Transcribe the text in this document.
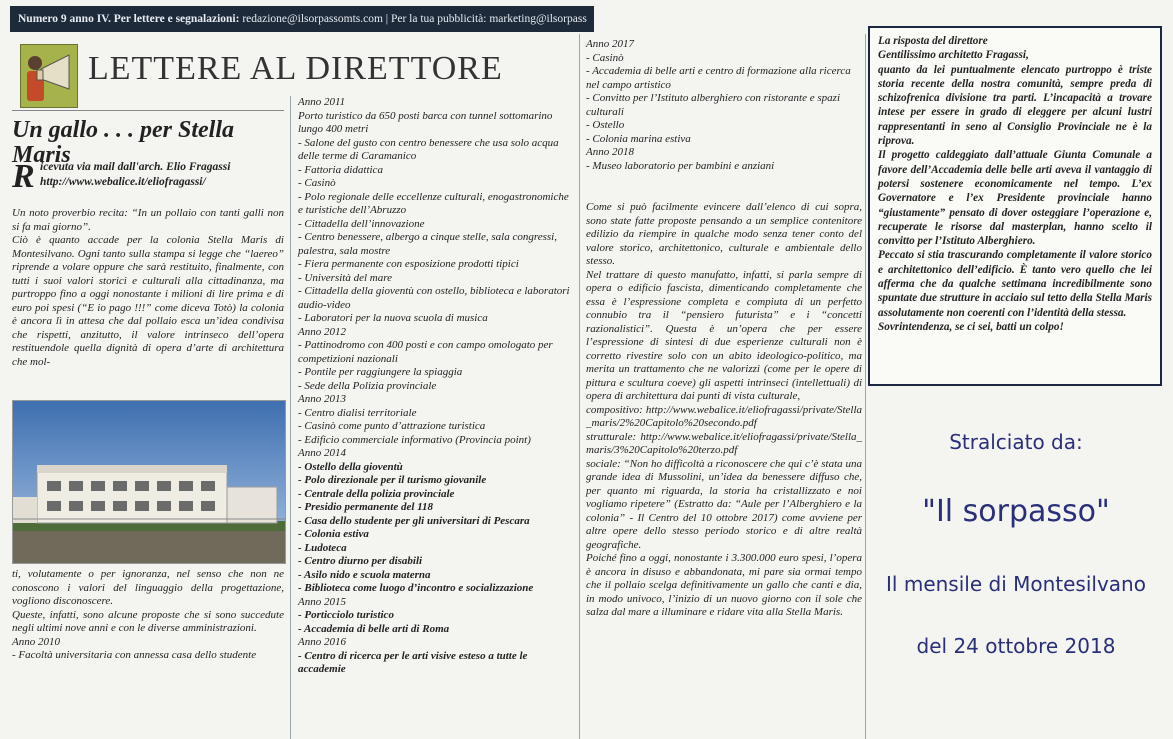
Numero 9 anno IV. Per lettere e segnalazioni: redazione@ilsorpassomts.com | Per la tua pubblicità: marketing@ilsorpass
LETTERE AL DIRETTORE
Un gallo . . . per Stella Maris
R icevuta via mail dall'arch. Elio Fragassi
http://www.webalice.it/eliofragassi/

Un noto proverbio recita: “In un pollaio con tanti galli non si fa mai giorno”.

Ciò è quanto accade per la colonia Stella Maris di Montesilvano. Ogni tanto sulla stampa si legge che “laereo” riprende a volare oppure che sarà restituito, finalmente, con tutti i suoi valori storici e culturali alla cittadinanza, ma purtroppo fino a oggi nonostante i milioni di lire prima e di euro poi spesi (“E io pago !!!” come diceva Totò) la colonia è ancora lì in attesa che dal pollaio esca un’idea condivisa che rispetti, anzitutto, il valore intrinseco dell’opera restituendole quella dignità di opera d’arte di architettura che mol-

ti, volutamente o per ignoranza, nel senso che non ne conoscono i valori del linguaggio della progettazione, vogliono disconoscere.

Queste, infatti, sono alcune proposte che si sono succedute negli ultimi nove anni e con le diverse amministrazioni.

Anno 2010

- Facoltà universitaria con annessa casa dello studente

Anno 2011

Porto turistico da 650 posti barca con tunnel sottomarino lungo 400 metri

- Salone del gusto con centro benessere che usa solo acqua delle terme di Caramanico

- Fattoria didattica

- Casinò

- Polo regionale delle eccellenze culturali, enogastronomiche e turistiche dell’Abruzzo

- Cittadella dell’innovazione

- Centro benessere, albergo a cinque stelle, sala congressi, palestra, sala mostre

- Fiera permanente con esposizione prodotti tipici

- Università del mare

- Cittadella della gioventù con ostello, biblioteca e laboratori audio-video

- Laboratori per la nuova scuola di musica

Anno 2012

- Pattinodromo con 400 posti e con campo omologato per competizioni nazionali

- Pontile per raggiungere la spiaggia

- Sede della Polizia provinciale

Anno 2013

- Centro dialisi territoriale

- Casinò come punto d’attrazione turistica

- Edificio commerciale informativo (Provincia point)

Anno 2014

- Ostello della gioventù

- Polo direzionale per il turismo giovanile

- Centrale della polizia provinciale

- Presidio permanente del 118

- Casa dello studente per gli universitari di Pescara

- Colonia estiva

- Ludoteca

- Centro diurno per disabili

- Asilo nido e scuola materna

- Biblioteca come luogo d’incontro e socializzazione

Anno 2015

- Porticciolo turistico

- Accademia di belle arti di Roma

Anno 2016

- Centro di ricerca per le arti visive esteso a tutte le accademie

Anno 2017

- Casinò

- Accademia di belle arti e centro di formazione alla ricerca nel campo artistico

- Convitto per l’Istituto alberghiero con ristorante e spazi culturali

- Ostello

- Colonia marina estiva

Anno 2018

- Museo laboratorio per bambini e anziani

Come si può facilmente evincere dall’elenco di cui sopra, sono state fatte proposte pensando a un semplice contenitore edilizio da riempire in qualche modo senza tener conto del valore storico, architettonico, culturale e ambientale dello stesso.

Nel trattare di questo manufatto, infatti, si parla sempre di opera o edificio fascista, dimenticando completamente che essa è l’espressione completa e compiuta di un perfetto connubio tra il “pensiero futurista” e i “concetti razionalistici”. Questa è un’opera che per essere l’espressione di sintesi di due esperienze culturali non è corretto rivestire solo con un abito ideologico-politico, ma merita un trattamento che ne valorizzi (come per le opere di pittura e scultura coeve) gli aspetti intrinseci (intellettuali) di opera di architettura dai punti di vista culturale,

compositivo: http://www.webalice.it/eliofragassi/private/Stella_maris/2%20Capitolo%20secondo.pdf

strutturale: http://www.webalice.it/eliofragassi/private/Stella_maris/3%20Capitolo%20terzo.pdf

sociale: “Non ho difficoltà a riconoscere che qui c’è stata una grande idea di Mussolini, un’idea da benessere diffuso che, per quanto mi riguarda, la storia ha cristallizzato e noi vogliamo ripetere” (Estratto da: “Aule per l’Alberghiero e la colonia” - Il Centro del 10 ottobre 2017) come avviene per altre opere dello stesso periodo storico e di altre realtà geografiche.

Poiché fino a oggi, nonostante i 3.300.000 euro spesi, l’opera è ancora in disuso e abbandonata, mi pare sia ormai tempo che il pollaio scelga definitivamente un gallo che canti e dia, in modo univoco, l’inizio di un nuovo giorno con il sole che salza dal mare a illuminare e ridare vita alla Stella Maris.

La risposta del direttore

Gentilissimo architetto Fragassi,

quanto da lei puntualmente elencato purtroppo è triste storia recente della nostra comunità, sempre preda di schizofrenica divisione tra parti. L’incapacità a trovare intese per essere in grado di eleggere per alcuni lustri rappresentanti in seno al Consiglio Provinciale ne è la riprova.

Il progetto caldeggiato dall’attuale Giunta Comunale a favore dell’Accademia delle belle arti aveva il vantaggio di potersi sostenere economicamente nel tempo. L’ex Governatore e l’ex Presidente provinciale hanno “giustamente” pensato di dover osteggiare l’operazione e, recuperate le risorse dal masterplan, hanno scelto il convitto per l’Istituto Alberghiero.

Peccato si stia trascurando completamente il valore storico e architettonico dell’edificio. È tanto vero quello che lei afferma che da qualche settimana incredibilmente sono spuntate due strutture in acciaio sul tetto della Stella Maris assolutamente non coerenti con l’identità della stessa.

Sovrintendenza, se ci sei, batti un colpo!

Stralciato da:
"Il sorpasso"
Il mensile di Montesilvano
del 24 ottobre 2018
